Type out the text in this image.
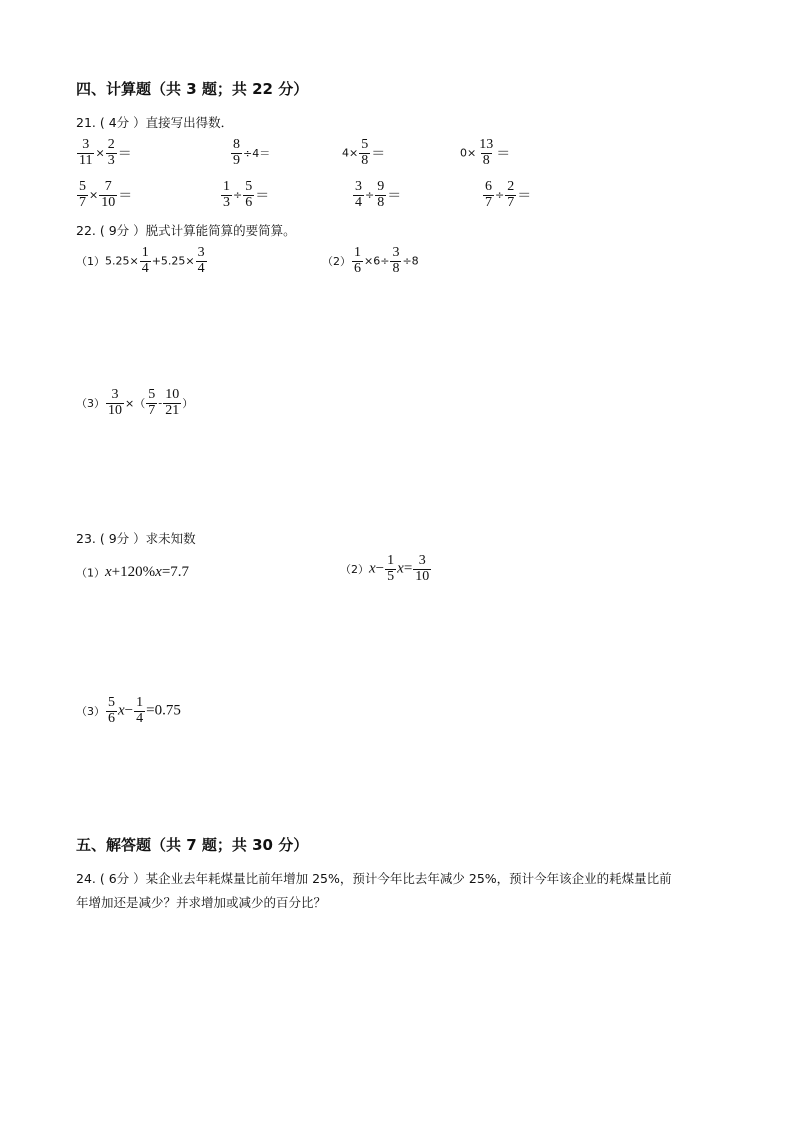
四、计算题（共 3 题；共 22 分）
21. ( 4分 ）直接写出得数．
$\frac{3}{11} \times \frac{2}{3}$ ＝	$\frac{8}{9} \div 4=$	$4\times \frac{5}{8}$ ＝	$0\times \frac{13}{8}$ ＝
$\frac{5}{7} \times \frac{7}{10}$ ＝	$\frac{1}{3} \div \frac{5}{6}$ ＝	$\frac{3}{4} \div \frac{9}{8}$ ＝	$\frac{6}{7} \div \frac{2}{7}$ ＝
22. ( 9分 ）脱式计算能简算的要简算。
$(1)5.25\times \frac{1}{4} +5.25\times \frac{3}{4}$	$(2) \frac{1}{6} \times 6\div \frac{3}{8} \div 8$
$(3) \frac{3}{10}$ ×（ $\frac{5}{7} - \frac{10}{21}$ ）
23. ( 9分 ）求未知数
（1）x+120%x=7.7	$(2)x- \frac{1}{5} x= \frac{3}{10}$
$(3) \frac{5}{6} x- \frac{1}{4} =0.75$
五、解答题（共 7 题；共 30 分）
24. ( 6分 ）某企业去年耗煤量比前年增加 25%，预计今年比去年减少 25%，预计今年该企业的耗煤量比前
年增加还是减少？并求增加或减少的百分比？
